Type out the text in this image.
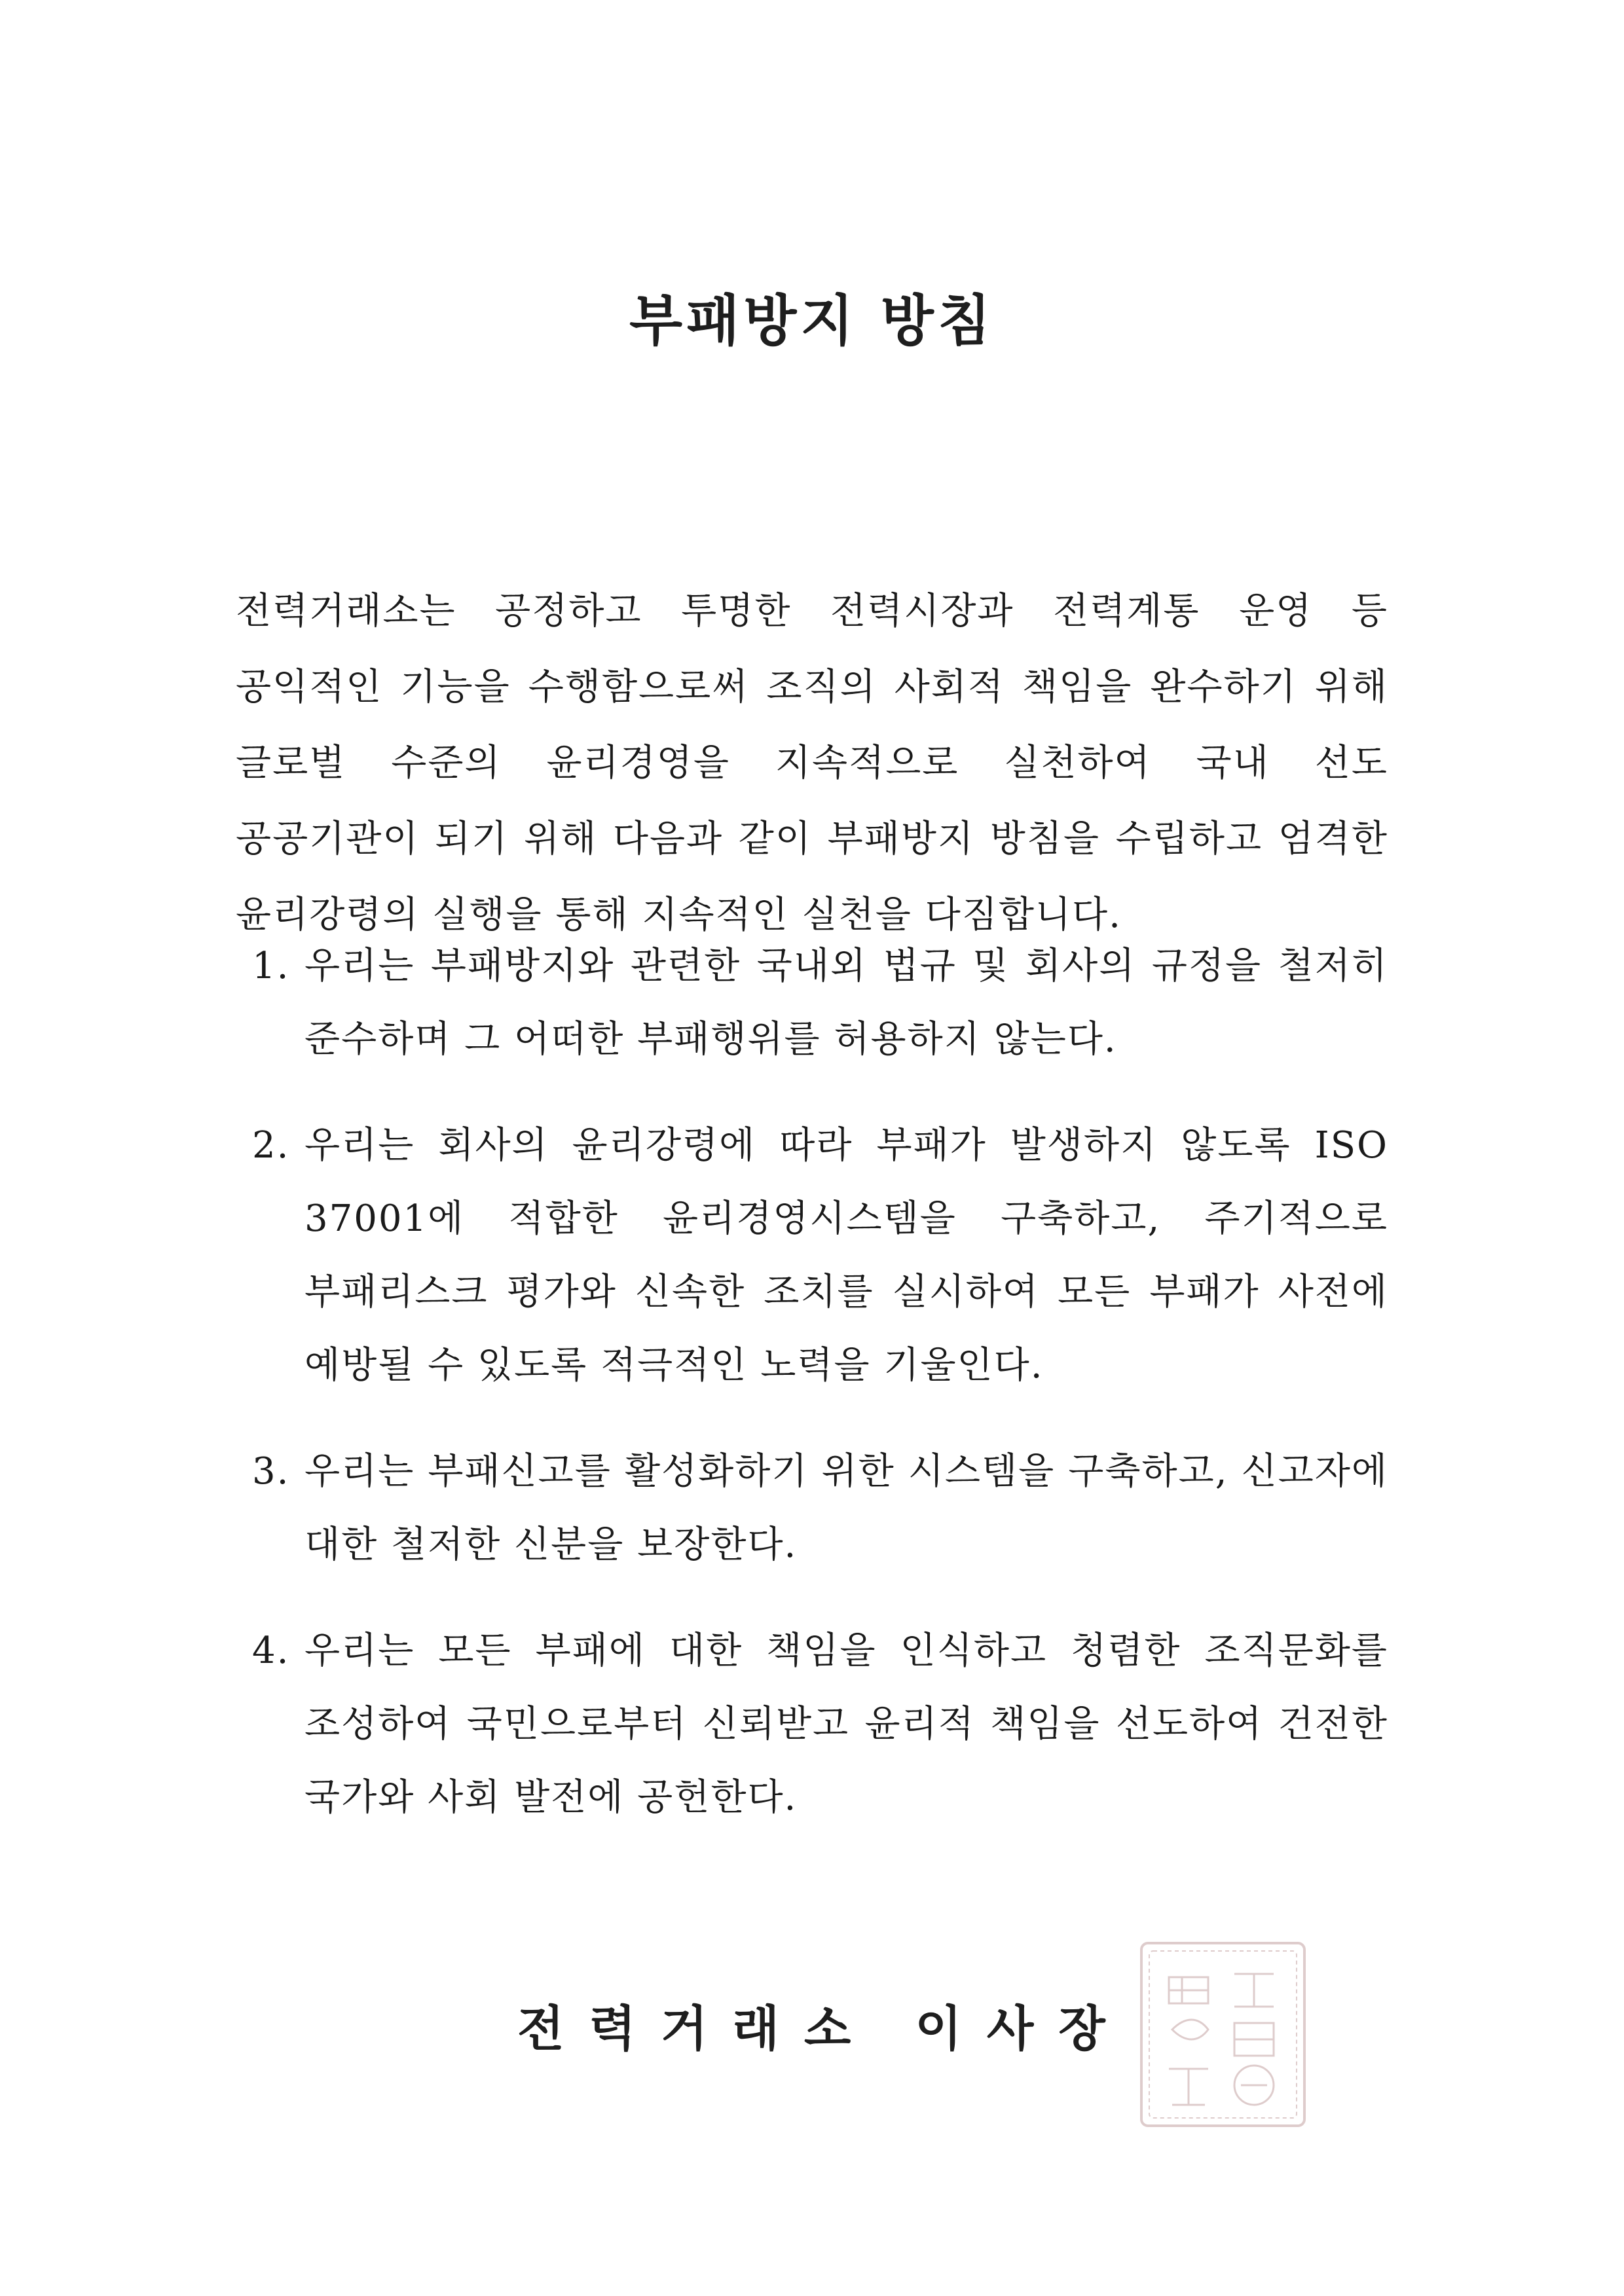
부패방지 방침

전력거래소는 공정하고 투명한 전력시장과 전력계통 운영 등 공익적인 기능을 수행함으로써 조직의 사회적 책임을 완수하기 위해 글로벌 수준의 윤리경영을 지속적으로 실천하여 국내 선도 공공기관이 되기 위해 다음과 같이 부패방지 방침을 수립하고 엄격한 윤리강령의 실행을 통해 지속적인 실천을 다짐합니다.

1. 우리는 부패방지와 관련한 국내외 법규 및 회사의 규정을 철저히 준수하며 그 어떠한 부패행위를 허용하지 않는다.
2. 우리는 회사의 윤리강령에 따라 부패가 발생하지 않도록 ISO 37001에 적합한 윤리경영시스템을 구축하고, 주기적으로 부패리스크 평가와 신속한 조치를 실시하여 모든 부패가 사전에 예방될 수 있도록 적극적인 노력을 기울인다.
3. 우리는 부패신고를 활성화하기 위한 시스템을 구축하고, 신고자에 대한 철저한 신분을 보장한다.
4. 우리는 모든 부패에 대한 책임을 인식하고 청렴한 조직문화를 조성하여 국민으로부터 신뢰받고 윤리적 책임을 선도하여 건전한 국가와 사회 발전에 공헌한다.
전력거래소 이사장
